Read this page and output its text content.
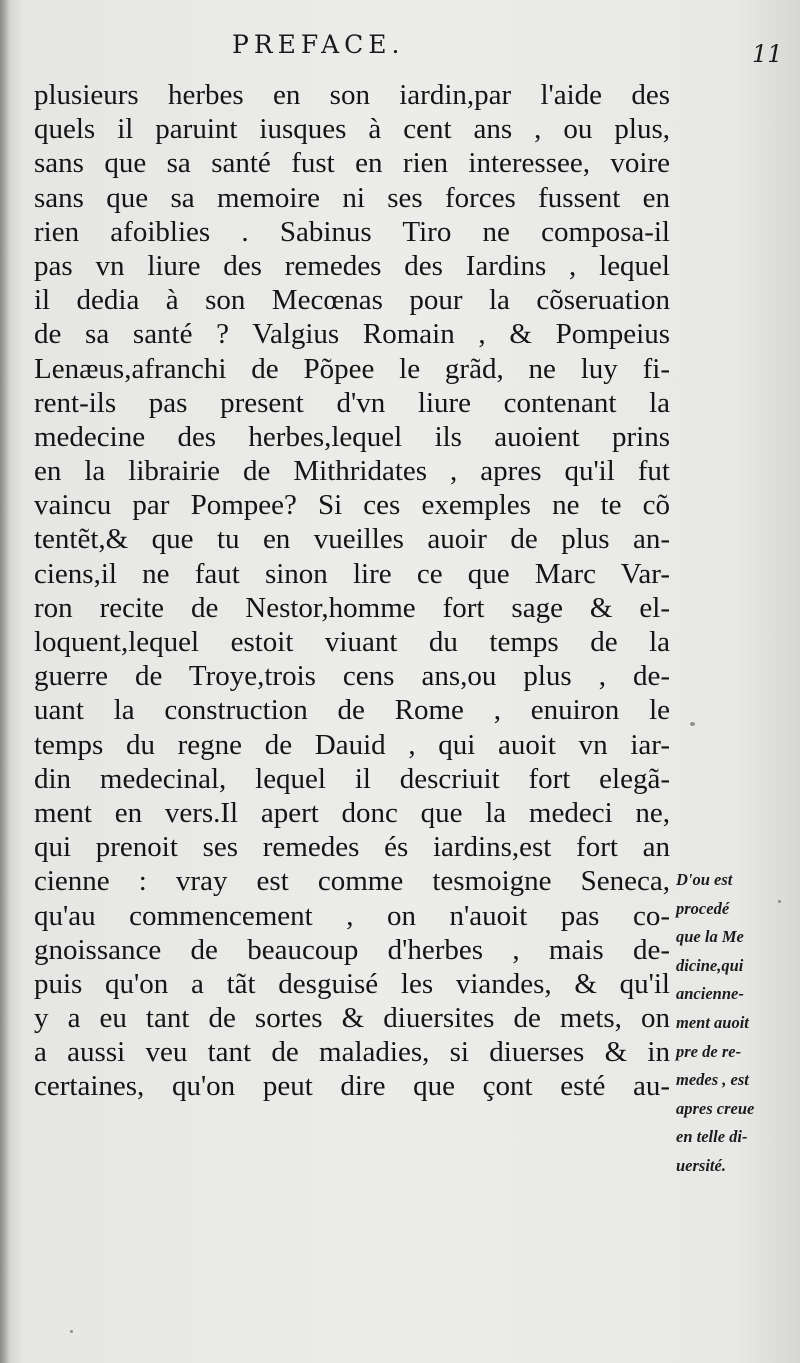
PREFACE.	11
plusieurs herbes en son iardin,par l'aide des
quels il paruint iusques à cent ans , ou plus,
sans que sa santé fust en rien interessee, voire
sans que sa memoire ni ses forces fussent en
rien afoiblies . Sabinus Tiro ne composa-il
pas vn liure des remedes des Iardins , lequel
il dedia à son Mecœnas pour la cõseruation
de sa santé ? Valgius Romain , & Pompeius
Lenæus,afranchi de Põpee le grãd, ne luy fi-
rent-ils pas present d'vn liure contenant la
medecine des herbes,lequel ils auoient prins
en la librairie de Mithridates , apres qu'il fut
vaincu par Pompee? Si ces exemples ne te cõ
tentẽt,& que tu en vueilles auoir de plus an-
ciens,il ne faut sinon lire ce que Marc Var-
ron recite de Nestor,homme fort sage & el-
loquent,lequel estoit viuant du temps de la
guerre de Troye,trois cens ans,ou plus , de-
uant la construction de Rome , enuiron le
temps du regne de Dauid , qui auoit vn iar-
din medecinal, lequel il descriuit fort elegã-
ment en vers.Il apert donc que la medeci ne,
qui prenoit ses remedes és iardins,est fort an
cienne : vray est comme tesmoigne Seneca,
qu'au commencement , on n'auoit pas co-
gnoissance de beaucoup d'herbes , mais de-
puis qu'on a tãt desguisé les viandes, & qu'il
y a eu tant de sortes & diuersites de mets, on
a aussi veu tant de maladies, si diuerses & in
certaines, qu'on peut dire que çont esté au-
D'ou est
procedé
que la Me
dicine,qui
ancienne-
ment auoit
pre de re-
medes , est
apres creue
en telle di-
uersité.
